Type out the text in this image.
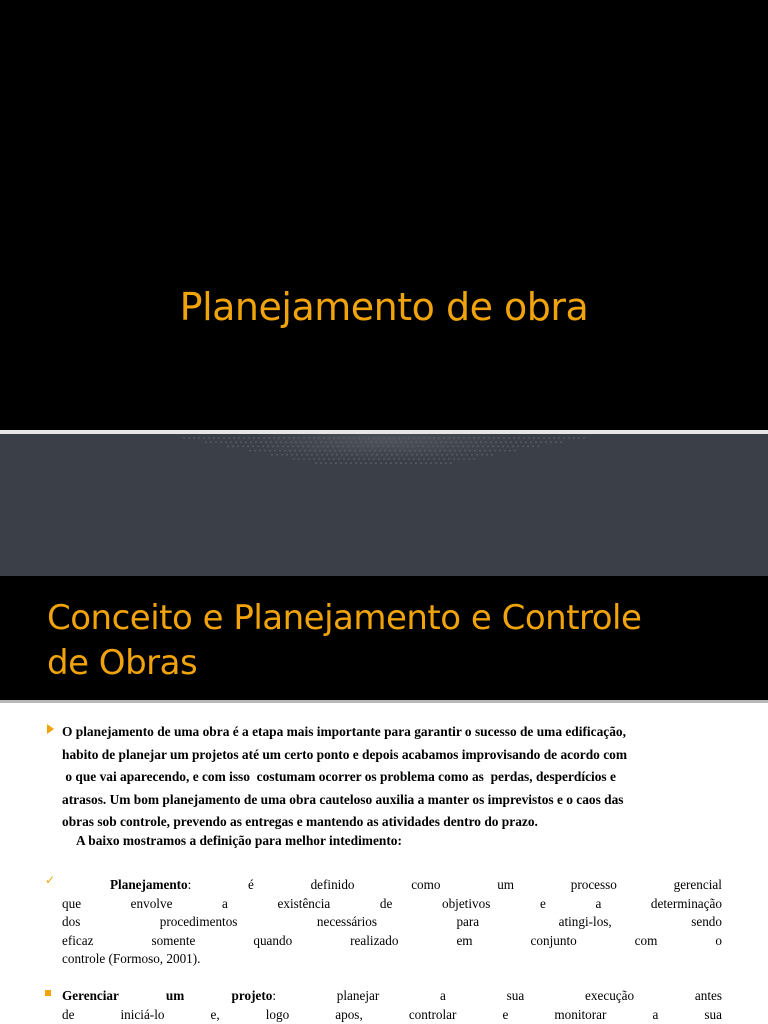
Planejamento de obra
Conceito e Planejamento e Controle
de Obras
O planejamento de uma obra é a etapa mais importante para garantir o sucesso de uma edificação,
habito de planejar um projetos até um certo ponto e depois acabamos improvisando de acordo com
o que vai aparecendo, e com isso  costumam ocorrer os problema como as  perdas, desperdícios e
atrasos. Um bom planejamento de uma obra cauteloso auxilia a manter os imprevistos e o caos das
obras sob controle, prevendo as entregas e mantendo as atividades dentro do prazo.
A baixo mostramos a definição para melhor intedimento:
✓	Planejamento:	é	definido	como	um	processo	gerencial
que	envolve	a	existência	de	objetivos	e	a	determinação
dos	procedimentos	necessários	para	atingi-los,	sendo
eficaz	somente	quando	realizado	em	conjunto	com	o
controle (Formoso, 2001).
Gerenciar um projeto:	planejar	a	sua	execução	antes
de	iniciá-lo	e,	logo	apos,	controlar	e	monitorar	a	sua
